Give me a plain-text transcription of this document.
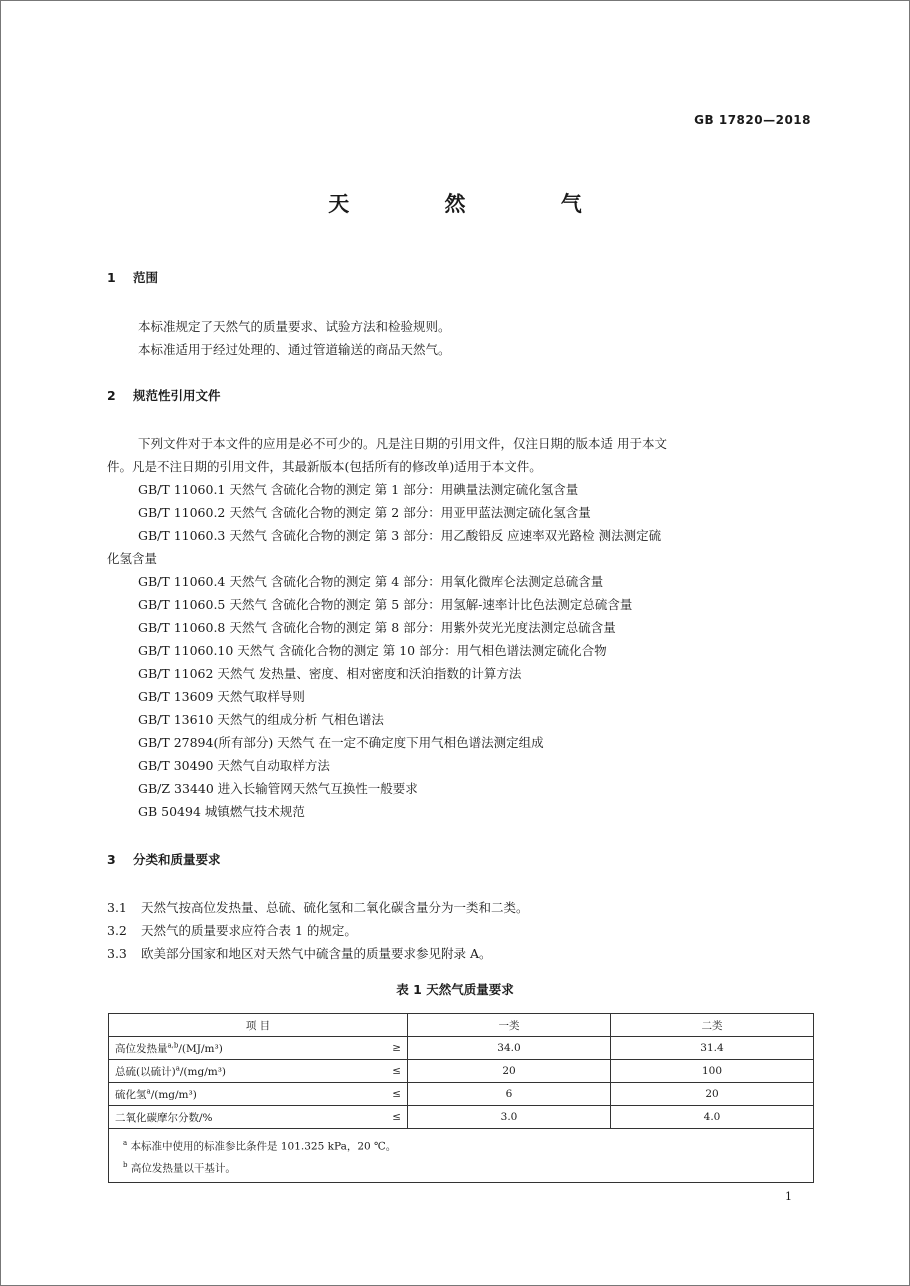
GB 17820—2018
天 然 气
1 范围
本标准规定了天然气的质量要求、试验方法和检验规则。
本标准适用于经过处理的、通过管道输送的商品天然气。
2 规范性引用文件
下列文件对于本文件的应用是必不可少的。凡是注日期的引用文件，仅注日期的版本适 用于本文
件。凡是不注日期的引用文件，其最新版本(包括所有的修改单)适用于本文件。
GB/T 11060.1 天然气 含硫化合物的测定 第 1 部分：用碘量法测定硫化氢含量
GB/T 11060.2 天然气 含硫化合物的测定 第 2 部分：用亚甲蓝法测定硫化氢含量
GB/T 11060.3 天然气 含硫化合物的测定 第 3 部分：用乙酸铅反 应速率双光路检 测法测定硫
化氢含量
GB/T 11060.4 天然气 含硫化合物的测定 第 4 部分：用氧化微库仑法测定总硫含量
GB/T 11060.5 天然气 含硫化合物的测定 第 5 部分：用氢解-速率计比色法测定总硫含量
GB/T 11060.8 天然气 含硫化合物的测定 第 8 部分：用紫外荧光光度法测定总硫含量
GB/T 11060.10 天然气 含硫化合物的测定 第 10 部分：用气相色谱法测定硫化合物
GB/T 11062 天然气 发热量、密度、相对密度和沃泊指数的计算方法
GB/T 13609 天然气取样导则
GB/T 13610 天然气的组成分析 气相色谱法
GB/T 27894(所有部分) 天然气 在一定不确定度下用气相色谱法测定组成
GB/T 30490 天然气自动取样方法
GB/Z 33440 进入长输管网天然气互换性一般要求
GB 50494 城镇燃气技术规范
3 分类和质量要求
3.1 天然气按高位发热量、总硫、硫化氢和二氧化碳含量分为一类和二类。
3.2 天然气的质量要求应符合表 1 的规定。
3.3 欧美部分国家和地区对天然气中硫含量的质量要求参见附录 A。
表 1 天然气质量要求
项 目		一类	二类
高位发热量$^{a,b}$/(MJ/m³)	≥	34.0	31.4
总硫(以硫计)$^a$/(mg/m³)	≤	20	100
硫化氢$^a$/(mg/m³)	≤	6	20
二氧化碳摩尔分数/%	≤	3.0	4.0

$^a$ 本标准中使用的标准参比条件是 101.325 kPa，20 ℃。
$^b$ 高位发热量以干基计。			
1
